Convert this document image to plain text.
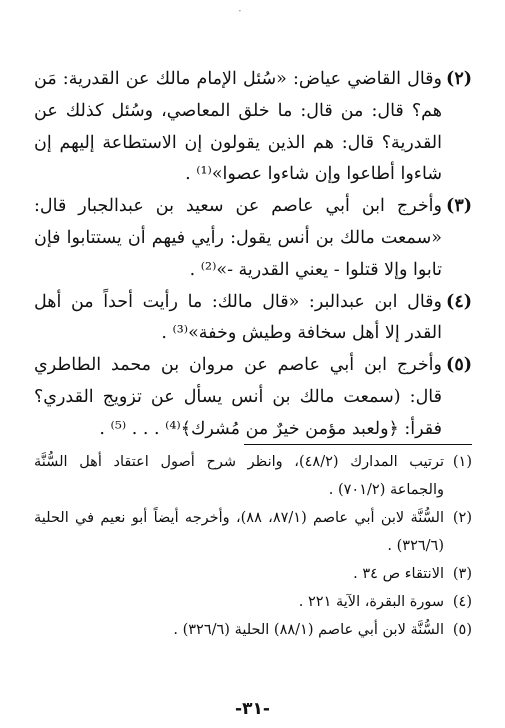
·
(٢)
وقال القاضي عياض: «سُئل الإمام مالك عن القدرية: مَن هم؟ قال: من قال: ما خلق المعاصي، وسُئل كذلك عن القدرية؟ قال: هم الذين يقولون إن الاستطاعة إليهم إن شاءوا أطاعوا وإن شاءوا عصوا»⁽¹⁾ .
(٣)
وأخرج ابن أبي عاصم عن سعيد بن عبدالجبار قال: «سمعت مالك بن أنس يقول: رأيي فيهم أن يستتابوا فإن تابوا وإلا قتلوا - يعني القدرية -»⁽²⁾ .
(٤)
وقال ابن عبدالبر: «قال مالك: ما رأيت أحداً من أهل القدر إلا أهل سخافة وطيش وخفة»⁽³⁾ .
(٥)
وأخرج ابن أبي عاصم عن مروان بن محمد الطاطري قال: (سمعت مالك بن أنس يسأل عن تزويج القدري؟ فقرأ: ﴿ولعبد مؤمن خيرٌ من مُشرك﴾⁽⁴⁾ . . . ⁽⁵⁾ .
(١)
ترتيب المدارك (٤٨/٢)، وانظر شرح أصول اعتقاد أهل السُّنَّة والجماعة (٧٠١/٢) .
(٢)
السُّنَّة لابن أبي عاصم (٨٧/١، ٨٨)، وأخرجه أيضاً أبو نعيم في الحلية (٣٢٦/٦) .
(٣)
الانتقاء ص ٣٤ .
(٤)
سورة البقرة، الآية ٢٢١ .
(٥)
السُّنَّة لابن أبي عاصم (٨٨/١) الحلية (٣٢٦/٦) .
-٣١-
